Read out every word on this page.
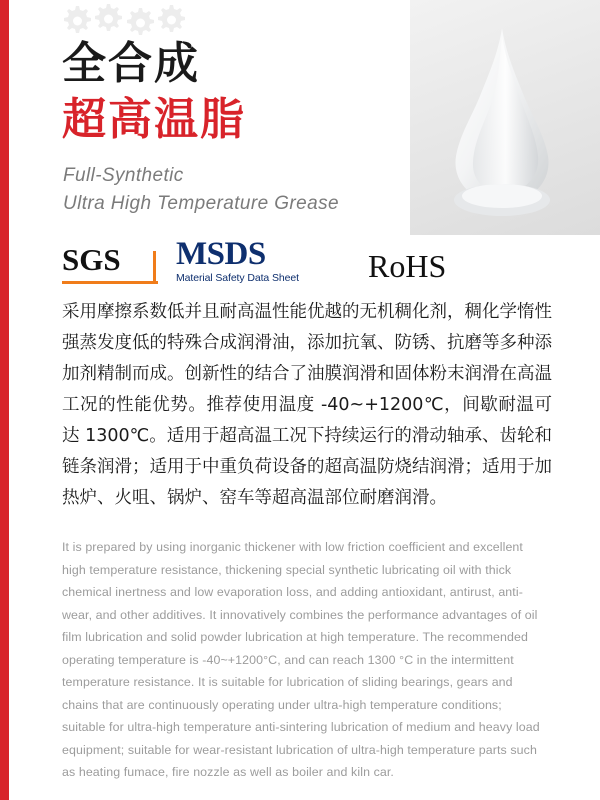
全合成
超高温脂
Full-Synthetic
Ultra High Temperature Grease
SGS	MSDS
Material Safety Data Sheet	RoHS
采用摩擦系数低并且耐高温性能优越的无机稠化剂，稠化学惰性强蒸发度低的特殊合成润滑油，添加抗氧、防锈、抗磨等多种添加剂精制而成。创新性的结合了油膜润滑和固体粉末润滑在高温工况的性能优势。推荐使用温度 -40~+1200℃，间歇耐温可达 1300℃。适用于超高温工况下持续运行的滑动轴承、齿轮和链条润滑；适用于中重负荷设备的超高温防烧结润滑；适用于加热炉、火咀、锅炉、窑车等超高温部位耐磨润滑。
It is prepared by using inorganic thickener with low friction coefficient and excellent high temperature resistance, thickening special synthetic lubricating oil with thick chemical inertness and low evaporation loss, and adding antioxidant, antirust, anti-wear, and other additives. It innovatively combines the performance advantages of oil film lubrication and solid powder lubrication at high temperature. The recommended operating temperature is -40~+1200°C, and can reach 1300 °C in the intermittent temperature resistance. It is suitable for lubrication of sliding bearings, gears and chains that are continuously operating under ultra-high temperature conditions; suitable for ultra-high temperature anti-sintering lubrication of medium and heavy load equipment; suitable for wear-resistant lubrication of ultra-high temperature parts such as heating fumace, fire nozzle as well as boiler and kiln car.
